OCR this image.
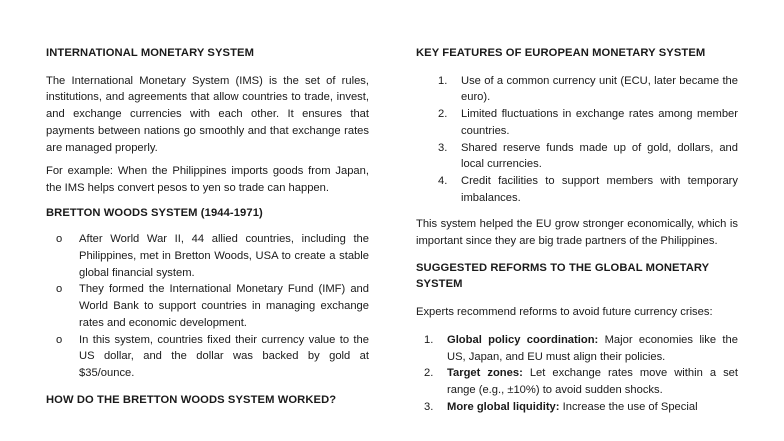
INTERNATIONAL MONETARY SYSTEM

The International Monetary System (IMS) is the set of rules, institutions, and agreements that allow countries to trade, invest, and exchange currencies with each other. It ensures that payments between nations go smoothly and that exchange rates are managed properly.

For example: When the Philippines imports goods from Japan, the IMS helps convert pesos to yen so trade can happen.

BRETTON WOODS SYSTEM (1944-1971)
o After World War II, 44 allied countries, including the Philippines, met in Bretton Woods, USA to create a stable global financial system.
o They formed the International Monetary Fund (IMF) and World Bank to support countries in managing exchange rates and economic development.
o In this system, countries fixed their currency value to the US dollar, and the dollar was backed by gold at $35/ounce.
HOW DO THE BRETTON WOODS SYSTEM WORKED?
KEY FEATURES OF EUROPEAN MONETARY SYSTEM
1. Use of a common currency unit (ECU, later became the euro).
2. Limited fluctuations in exchange rates among member countries.
3. Shared reserve funds made up of gold, dollars, and local currencies.
4. Credit facilities to support members with temporary imbalances.

This system helped the EU grow stronger economically, which is important since they are big trade partners of the Philippines.

SUGGESTED REFORMS TO THE GLOBAL MONETARY SYSTEM

Experts recommend reforms to avoid future currency crises:

1. Global policy coordination: Major economies like the US, Japan, and EU must align their policies.
2. Target zones: Let exchange rates move within a set range (e.g., ±10%) to avoid sudden shocks.
3. More global liquidity: Increase the use of Special
